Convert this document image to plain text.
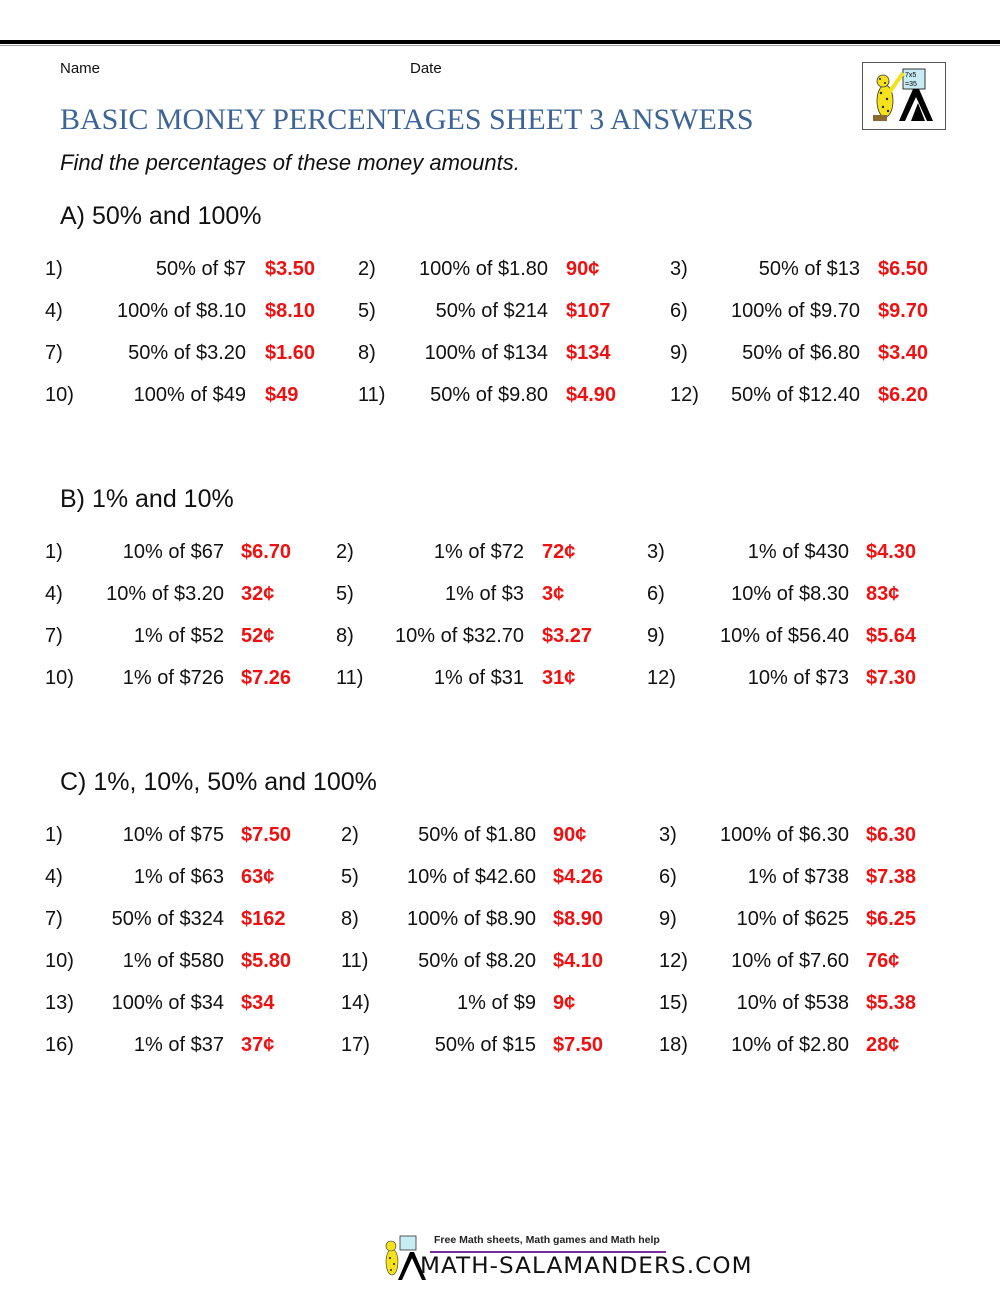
Name	Date	7x5
=35
BASIC MONEY PERCENTAGES SHEET 3 ANSWERS
Find the percentages of these money amounts.
A) 50% and 100%
1)	50% of $7 $3.50 2)	100% of $1.80 90¢	3)	50% of $13 $6.50
4)	100% of $8.10 $8.10 5)	50% of $214 $107	6)	100% of $9.70 $9.70
7)	50% of $3.20 $1.60 8)	100% of $134 $134	9)	50% of $6.80 $3.40
10)	100% of $49 $49	11)	50% of $9.80 $4.90	12)	50% of $12.40 $6.20
B) 1% and 10%
1)	10% of $67 $6.70 2)	1% of $72 72¢	3)	1% of $430 $4.30
4)	10% of $3.20 32¢	5)	1% of $3 3¢	6)	10% of $8.30 83¢
7)	1% of $52 52¢	8)	10% of $32.70 $3.27	9)	10% of $56.40 $5.64
10)	1% of $726 $7.26 11)	1% of $31 31¢	12)	10% of $73 $7.30
C) 1%, 10%, 50% and 100%
1)	10% of $75 $7.50 2)	50% of $1.80 90¢	3)	100% of $6.30 $6.30
4)	1% of $63 63¢	5)	10% of $42.60 $4.26	6)	1% of $738 $7.38
7)	50% of $324 $162	8)	100% of $8.90 $8.90	9)	10% of $625 $6.25
10)	1% of $580 $5.80 11)	50% of $8.20 $4.10	12)	10% of $7.60 76¢
13)	100% of $34 $34	14)	1% of $9 9¢	15)	10% of $538 $5.38
16)	1% of $37 37¢	17)	50% of $15 $7.50	18)	10% of $2.80 28¢
Free Math sheets, Math games and Math help
MATH-SALAMANDERS.COM
